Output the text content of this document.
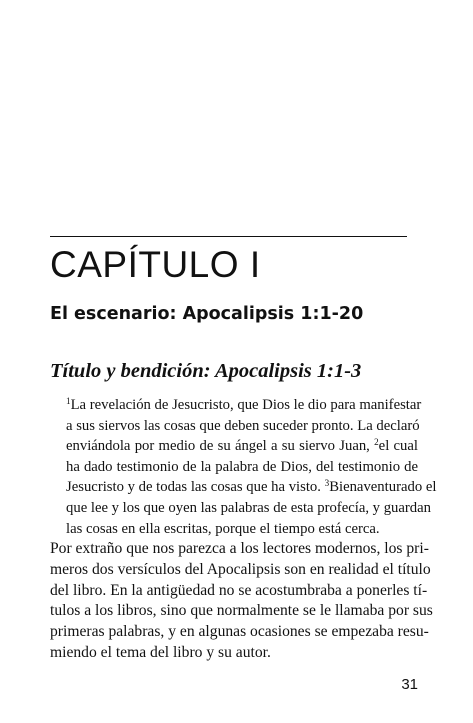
CAPÍTULO I
El escenario: Apocalipsis 1:1-20
Título y bendición: Apocalipsis 1:1-3
$^1$La revelación de Jesucristo, que Dios le dio para manifestar
a sus siervos las cosas que deben suceder pronto. La declaró
enviándola por medio de su ángel a su siervo Juan, $^2$el cual
ha dado testimonio de la palabra de Dios, del testimonio de
Jesucristo y de todas las cosas que ha visto. $^3$Bienaventurado el
que lee y los que oyen las palabras de esta profecía, y guardan
las cosas en ella escritas, porque el tiempo está cerca.
Por extraño que nos parezca a los lectores modernos, los pri-
meros dos versículos del Apocalipsis son en realidad el título
del libro. En la antigüedad no se acostumbraba a ponerles tí-
tulos a los libros, sino que normalmente se le llamaba por sus
primeras palabras, y en algunas ocasiones se empezaba resu-
miendo el tema del libro y su autor.
31
